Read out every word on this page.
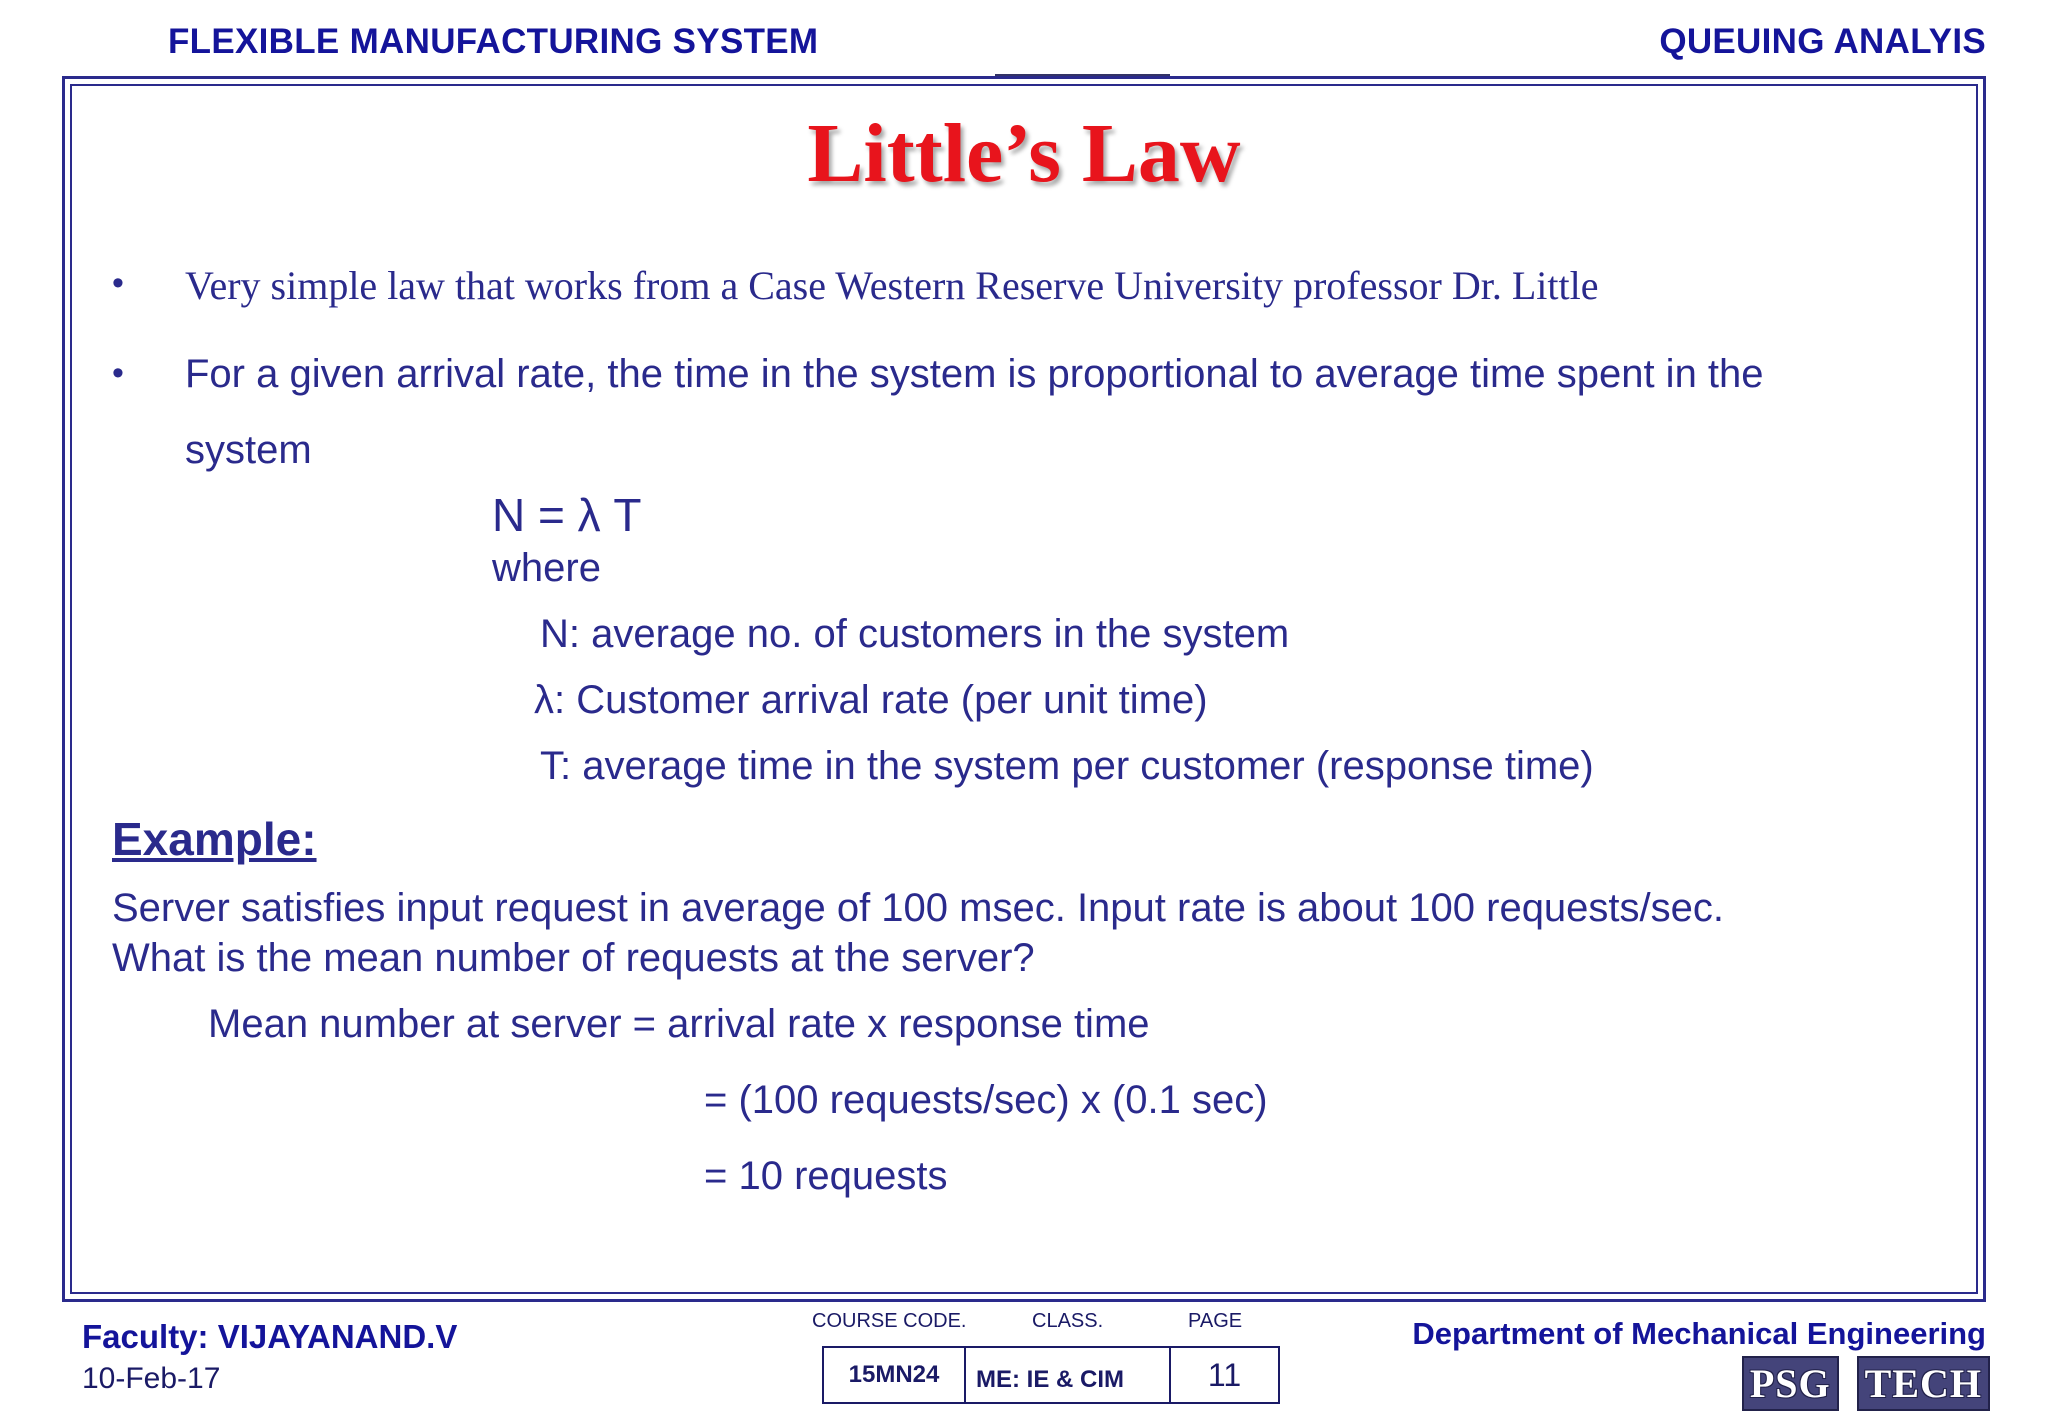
FLEXIBLE MANUFACTURING SYSTEM	QUEUING ANALYIS
Little’s Law
• Very simple law that works from a Case Western Reserve University professor Dr. Little
• For a given arrival rate, the time in the system is proportional to average time spent in the
system
N = λ T
where
N: average no. of customers in the system
λ: Customer arrival rate (per unit time)
T: average time in the system per customer (response time)
Example:
Server satisfies input request in average of 100 msec. Input rate is about 100 requests/sec.
What is the mean number of requests at the server?
Mean number at server = arrival rate x response time
= (100 requests/sec) x (0.1 sec)
= 10 requests
Faculty: VIJAYANAND.V
10-Feb-17
COURSE CODE.	CLASS.	PAGE
15MN24	ME: IE & CIM	11
Department of Mechanical Engineering
PSG TECH
